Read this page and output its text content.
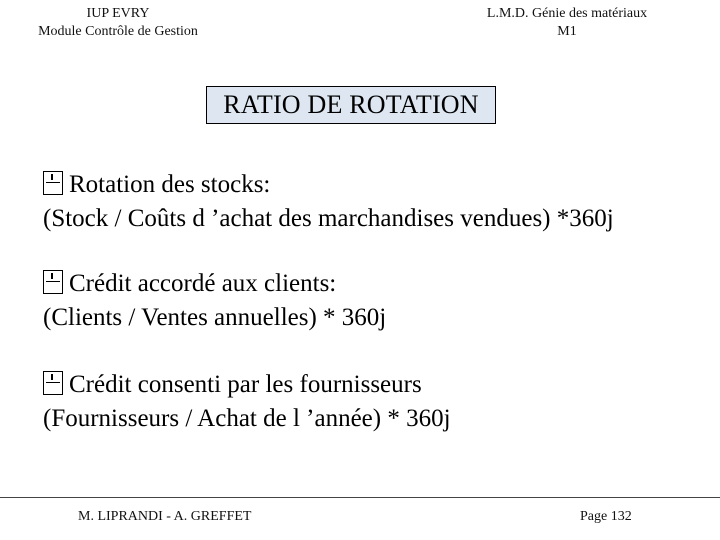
IUP EVRY
Module Contrôle de Gestion
L.M.D. Génie des matériaux
M1
RATIO DE ROTATION
Rotation des stocks:
(Stock / Coûts d ’achat des marchandises vendues) *360j
Crédit accordé aux clients:
(Clients / Ventes annuelles) * 360j
Crédit consenti par les fournisseurs
(Fournisseurs / Achat de l ’année) * 360j
M. LIPRANDI - A. GREFFET	Page 132
